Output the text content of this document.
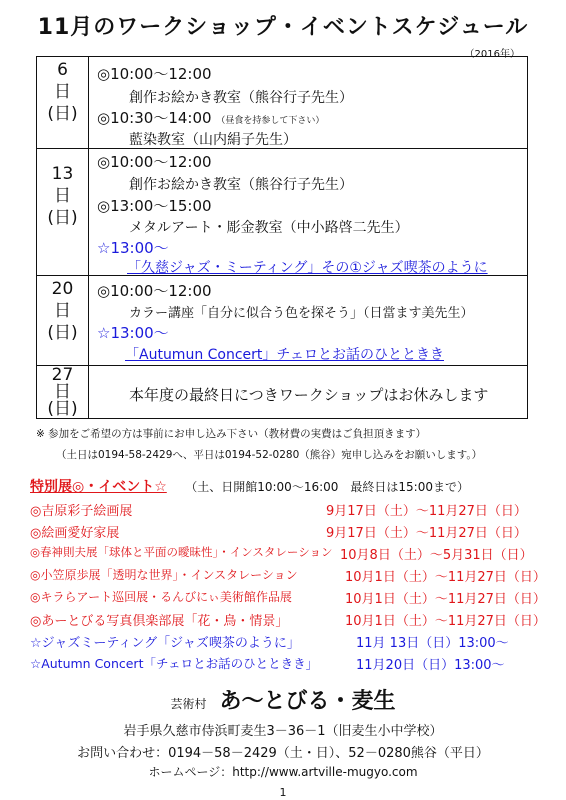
11月のワークショップ・イベントスケジュール
（2016年）
6
日
(日)
◎10:00～12:00
創作お絵かき教室（熊谷行子先生）
◎10:30～14:00 （昼食を持参して下さい）
藍染教室（山内絹子先生）
13
日
(日)
◎10:00～12:00
創作お絵かき教室（熊谷行子先生）
◎13:00～15:00
メタルアート・彫金教室（中小路啓二先生）
☆13:00～
「久慈ジャズ・ミーティング」その①ジャズ喫茶のように
20
日
(日)
◎10:00～12:00
カラー講座「自分に似合う色を探そう」（日當ます美先生）
☆13:00～
「Autumun Concert」チェロとお話のひとときき
27
日
(日)
本年度の最終日につきワークショップはお休みします
※ 参加をご希望の方は事前にお申し込み下さい（教材費の実費はご負担頂きます）
（土日は0194-58-2429へ、平日は0194-52-0280（熊谷）宛申し込みをお願いします。）
特別展◎・イベント☆ （土、日開館10:00～16:00　最終日は15:00まで）
◎吉原彩子絵画展	9月17日（土）～11月27日（日）
◎絵画愛好家展	9月17日（土）～11月27日（日）
◎春神則夫展「球体と平面の曖昧性」・インスタレーション 10月8日（土）～5月31日（日）
◎小笠原歩展「透明な世界」・インスタレーション	10月1日（土）～11月27日（日）
◎キラらアート巡回展・るんびにぃ美術館作品展	10月1日（土）～11月27日（日）
◎あーとびる写真倶楽部展「花・鳥・情景」	10月1日（土）～11月27日（日）
☆ジャズミーティング「ジャズ喫茶のように」	11月 13日（日）13:00～
☆Autumn Concert「チェロとお話のひとときき」	11月20日（日）13:00～
芸術村 あ～とびる・麦生
岩手県久慈市侍浜町麦生3－36－1（旧麦生小中学校）
お問い合わせ：0194－58－2429（土・日）、52－0280熊谷（平日）
ホームページ：http://www.artville-mugyo.com
1
